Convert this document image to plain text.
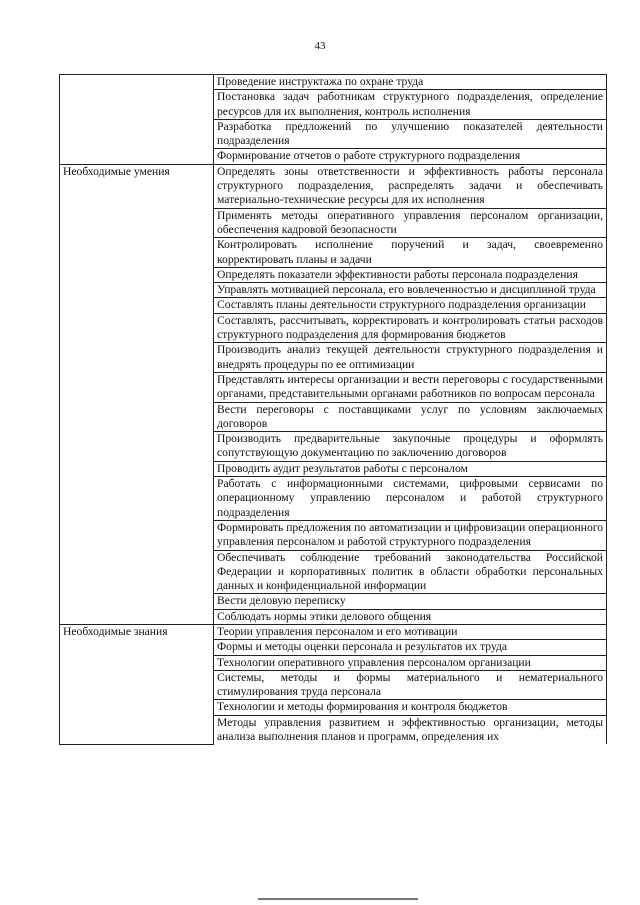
43
	Проведение инструктажа по охране труда
	Постановка задач работникам структурного подразделения, определение ресурсов для их выполнения, контроль исполнения
	Разработка предложений по улучшению показателей деятельности подразделения
	Формирование отчетов о работе структурного подразделения
Необходимые умения	Определять зоны ответственности и эффективность работы персонала структурного подразделения, распределять задачи и обеспечивать материально-технические ресурсы для их исполнения
	Применять методы оперативного управления персоналом организации, обеспечения кадровой безопасности
	Контролировать исполнение поручений и задач, своевременно корректировать планы и задачи
	Определять показатели эффективности работы персонала подразделения
	Управлять мотивацией персонала, его вовлеченностью и дисциплиной труда
	Составлять планы деятельности структурного подразделения организации
	Составлять, рассчитывать, корректировать и контролировать статьи расходов структурного подразделения для формирования бюджетов
	Производить анализ текущей деятельности структурного подразделения и внедрять процедуры по ее оптимизации
	Представлять интересы организации и вести переговоры с государственными органами, представительными органами работников по вопросам персонала
	Вести переговоры с поставщиками услуг по условиям заключаемых договоров
	Производить предварительные закупочные процедуры и оформлять сопутствующую документацию по заключению договоров
	Проводить аудит результатов работы с персоналом
	Работать с информационными системами, цифровыми сервисами по операционному управлению персоналом и работой структурного подразделения
	Формировать предложения по автоматизации и цифровизации операционного управления персоналом и работой структурного подразделения
	Обеспечивать соблюдение требований законодательства Российской Федерации и корпоративных политик в области обработки персональных данных и конфиденциальной информации
	Вести деловую переписку
	Соблюдать нормы этики делового общения
Необходимые знания	Теории управления персоналом и его мотивации
	Формы и методы оценки персонала и результатов их труда
	Технологии оперативного управления персоналом организации
	Системы, методы и формы материального и нематериального стимулирования труда персонала
	Технологии и методы формирования и контроля бюджетов
	Методы управления развитием и эффективностью организации, методы анализа выполнения планов и программ, определения их
